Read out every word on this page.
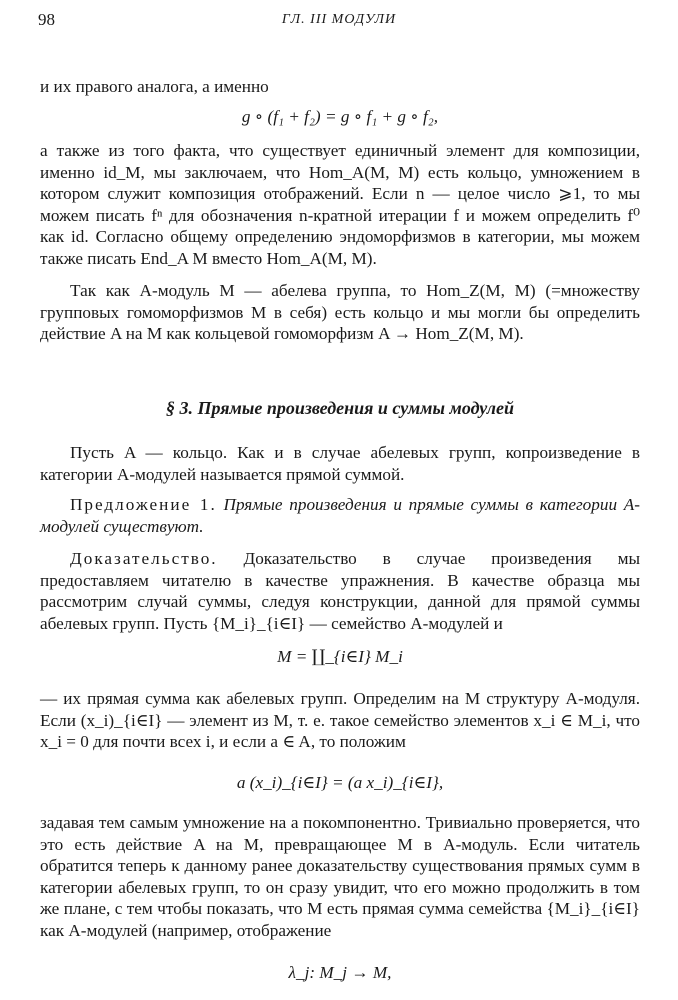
98	ГЛ. III МОДУЛИ

и их правого аналога, а именно

g ∘ (f₁ + f₂) = g ∘ f₁ + g ∘ f₂,

а также из того факта, что существует единичный элемент для композиции, именно id_M, мы заключаем, что Hom_A(M, M) есть кольцо, умножением в котором служит композиция отображений. Если n — целое число ⩾1, то мы можем писать fⁿ для обозначения n-кратной итерации f и можем определить f⁰ как id. Согласно общему определению эндоморфизмов в категории, мы можем также писать End_A M вместо Hom_A(M, M).

Так как A-модуль M — абелева группа, то Hom_Z(M, M) (=множеству групповых гомоморфизмов M в себя) есть кольцо и мы могли бы определить действие A на M как кольцевой гомоморфизм A → Hom_Z(M, M).

§ 3. Прямые произведения и суммы модулей

Пусть A — кольцо. Как и в случае абелевых групп, копроизведение в категории A-модулей называется прямой суммой.

Предложение 1. Прямые произведения и прямые суммы в категории A-модулей существуют.

Доказательство. Доказательство в случае произведения мы предоставляем читателю в качестве упражнения. В качестве образца мы рассмотрим случай суммы, следуя конструкции, данной для прямой суммы абелевых групп. Пусть {M_i}_{i∈I} — семейство A-модулей и

M = ∐_{i∈I} M_i

— их прямая сумма как абелевых групп. Определим на M структуру A-модуля. Если (x_i)_{i∈I} — элемент из M, т. е. такое семейство элементов x_i ∈ M_i, что x_i = 0 для почти всех i, и если a ∈ A, то положим

a (x_i)_{i∈I} = (a x_i)_{i∈I},

задавая тем самым умножение на a покомпонентно. Тривиально проверяется, что это есть действие A на M, превращающее M в A-модуль. Если читатель обратится теперь к данному ранее доказательству существования прямых сумм в категории абелевых групп, то он сразу увидит, что его можно продолжить в том же плане, с тем чтобы показать, что M есть прямая сумма семейства {M_i}_{i∈I} как A-модулей (например, отображение

λ_j: M_j → M,
